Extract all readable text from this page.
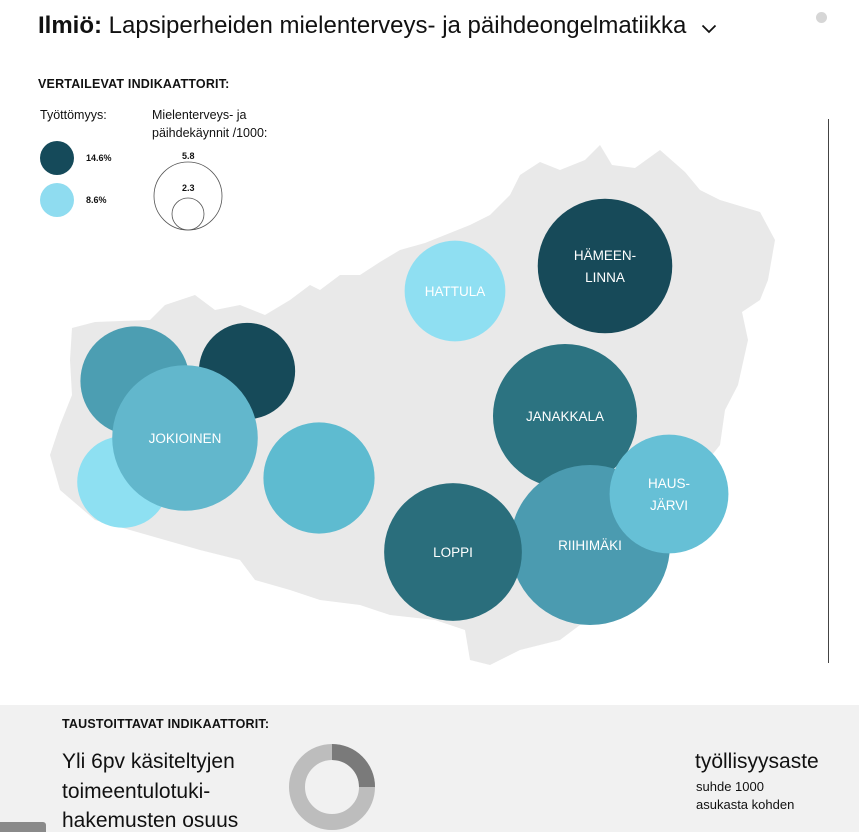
Ilmiö: Lapsiperheiden mielenterveys- ja päihdeongelmatiikka
VERTAILEVAT INDIKAATTORIT:
Työttömyys:
14.6%
8.6%
Mielenterveys- ja
päihdekäynnit /1000:
5.8
2.3
JOKIOINEN
HATTULA
HÄMEEN-
LINNA
JANAKKALA
RIIHIMÄKI
LOPPI
HAUS-
JÄRVI
TAUSTOITTAVAT INDIKAATTORIT:
Yli 6pv käsiteltyjen
toimeentulotuki-
hakemusten osuus
työllisyysaste
suhde 1000
asukasta kohden
